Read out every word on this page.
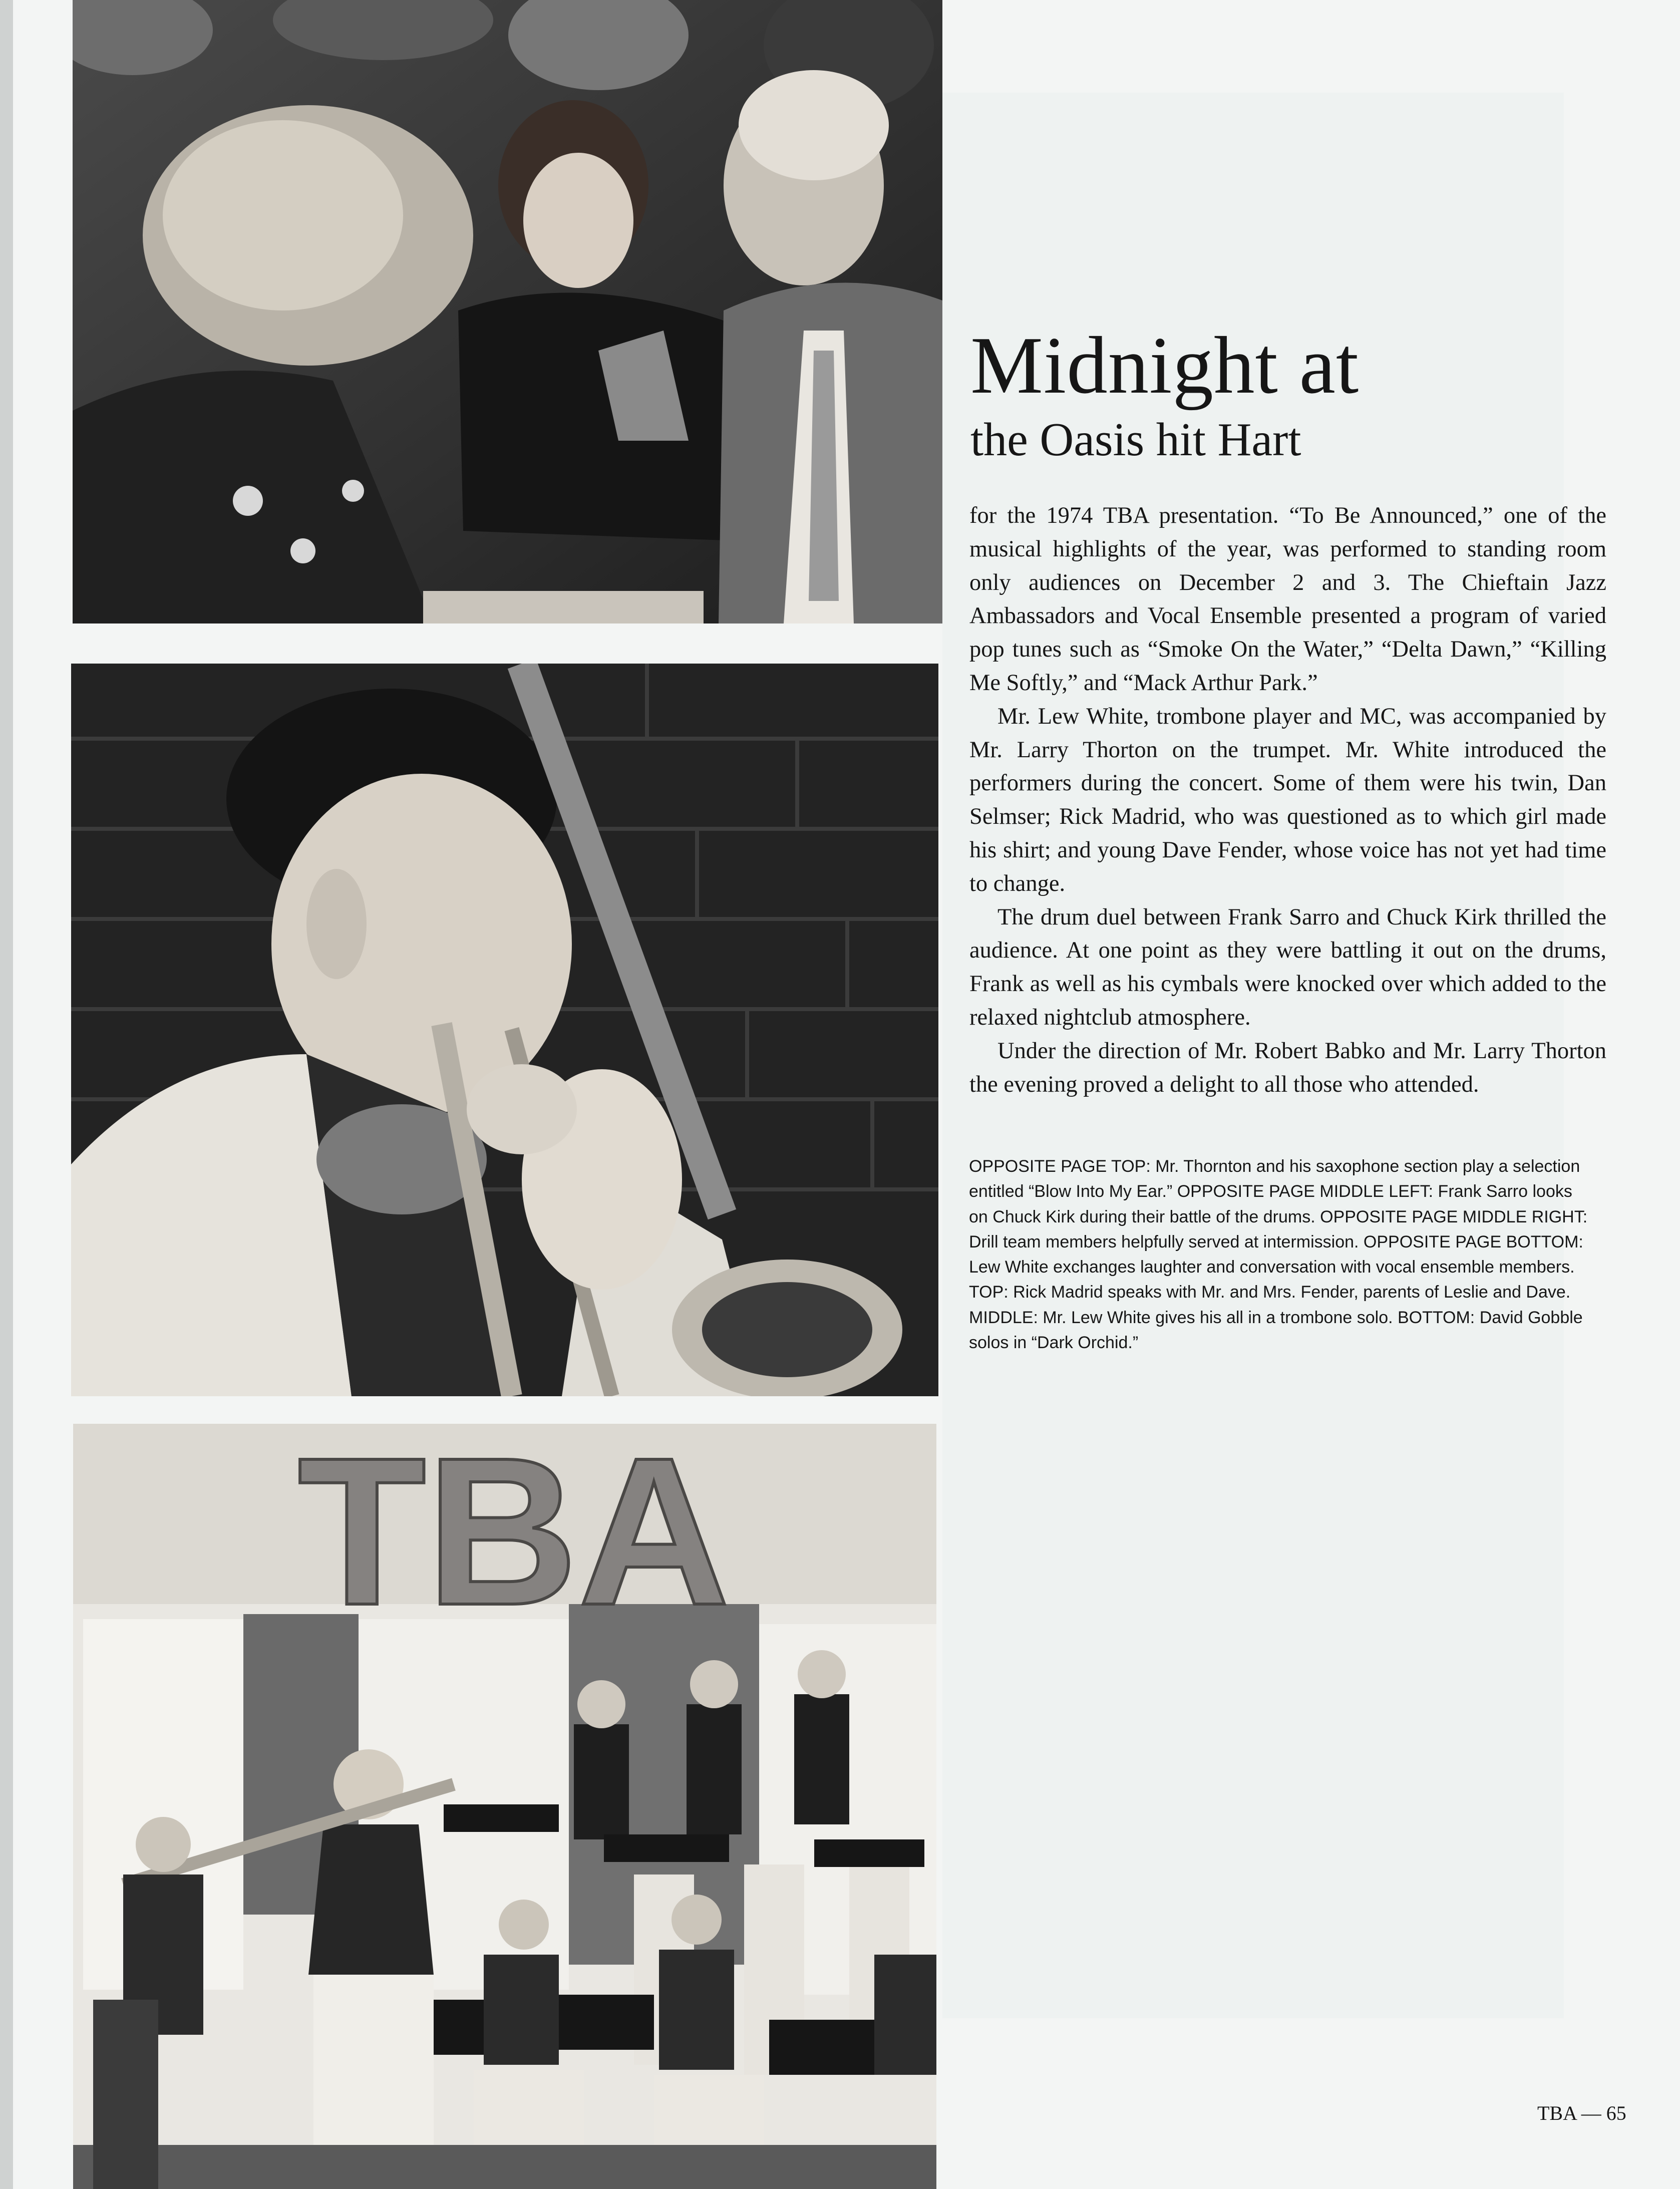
TBA
Midnight at
the Oasis hit Hart

for the 1974 TBA presentation. “To Be Announced,” one of the musical highlights of the year, was performed to standing room only audiences on December 2 and 3. The Chieftain Jazz Ambassadors and Vocal Ensemble presented a program of varied pop tunes such as “Smoke On the Water,” “Delta Dawn,” “Killing Me Softly,” and “Mack Arthur Park.”

Mr. Lew White, trombone player and MC, was accompanied by Mr. Larry Thorton on the trumpet. Mr. White introduced the performers during the concert. Some of them were his twin, Dan Selmser; Rick Madrid, who was questioned as to which girl made his shirt; and young Dave Fender, whose voice has not yet had time to change.

The drum duel between Frank Sarro and Chuck Kirk thrilled the audience. At one point as they were battling it out on the drums, Frank as well as his cymbals were knocked over which added to the relaxed nightclub atmosphere.

Under the direction of Mr. Robert Babko and Mr. Larry Thorton the evening proved a delight to all those who attended.

OPPOSITE PAGE TOP: Mr. Thornton and his saxophone section play a selection entitled “Blow Into My Ear.” OPPOSITE PAGE MIDDLE LEFT: Frank Sarro looks on Chuck Kirk during their battle of the drums. OPPOSITE PAGE MIDDLE RIGHT: Drill team members helpfully served at intermission. OPPOSITE PAGE BOTTOM: Lew White exchanges laughter and conversation with vocal ensemble members. TOP: Rick Madrid speaks with Mr. and Mrs. Fender, parents of Leslie and Dave. MIDDLE: Mr. Lew White gives his all in a trombone solo. BOTTOM: David Gobble solos in “Dark Orchid.”

TBA — 65
